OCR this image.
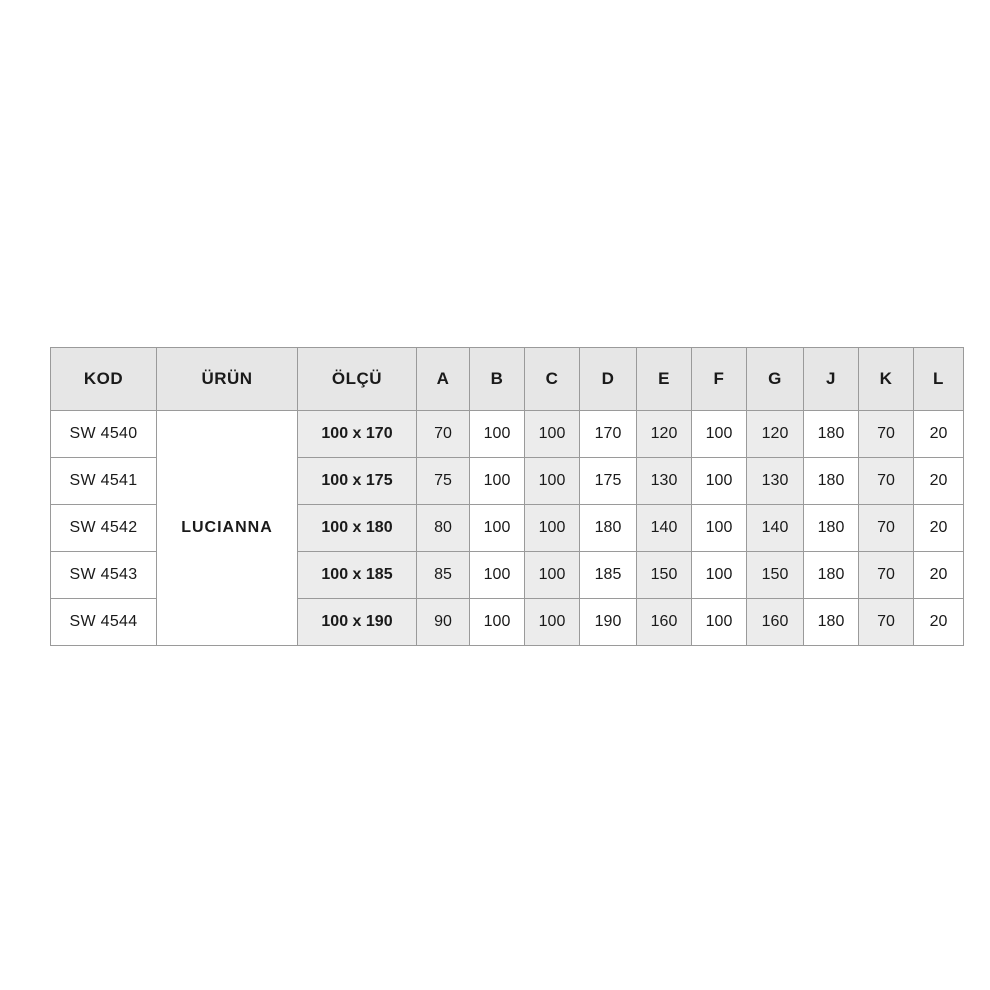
KOD	ÜRÜN	ÖLÇÜ	A	B	C	D	E	F	G	J	K	L
SW 4540	LUCIANNA	100 x 170	70	100	100	170	120	100	120	180	70	20
SW 4541		100 x 175	75	100	100	175	130	100	130	180	70	20
SW 4542		100 x 180	80	100	100	180	140	100	140	180	70	20
SW 4543		100 x 185	85	100	100	185	150	100	150	180	70	20
SW 4544		100 x 190	90	100	100	190	160	100	160	180	70	20
